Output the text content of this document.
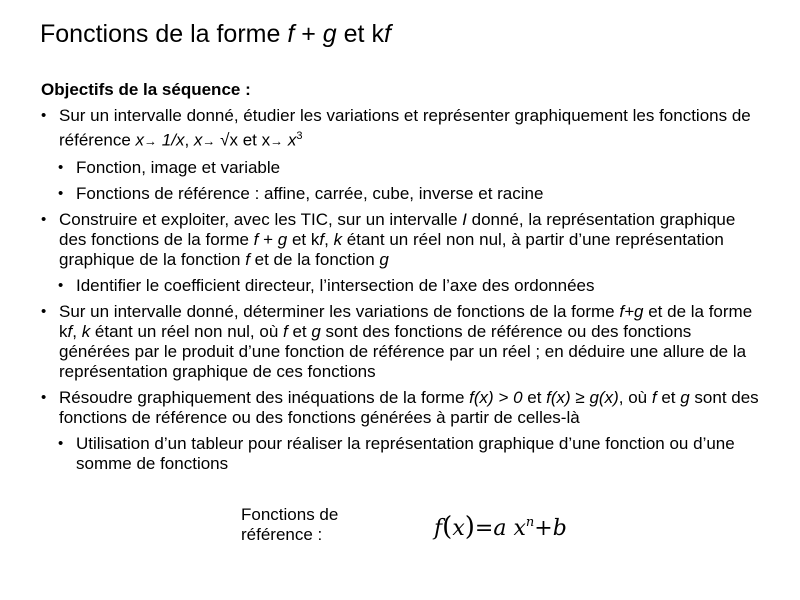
Fonctions de la forme f + g et kf
Objectifs de la séquence :
• Sur un intervalle donné, étudier les variations et représenter graphiquement les fonctions de référence x→ 1/x, x→ √x et $x\to x^3$
• Fonction, image et variable
• Fonctions de référence : affine, carrée, cube, inverse et racine
• Construire et exploiter, avec les TIC, sur un intervalle I donné, la représentation graphique des fonctions de la forme f + g et kf, k étant un réel non nul, à partir d’une représentation graphique de la fonction f et de la fonction g
• Identifier le coefficient directeur, l’intersection de l’axe des ordonnées
• Sur un intervalle donné, déterminer les variations de fonctions de la forme f+g et de la forme kf, k étant un réel non nul, où f et g sont des fonctions de référence ou des fonctions générées par le produit d’une fonction de référence par un réel ; en déduire une allure de la représentation graphique de ces fonctions
• Résoudre graphiquement des inéquations de la forme f(x) > 0 et f(x) ≥ g(x), où f et g sont des fonctions de référence ou des fonctions générées à partir de celles-là
• Utilisation d’un tableur pour réaliser la représentation graphique d’une fonction ou d’une somme de fonctions
Fonctions de référence :	f(x)=a $x^n+b$
